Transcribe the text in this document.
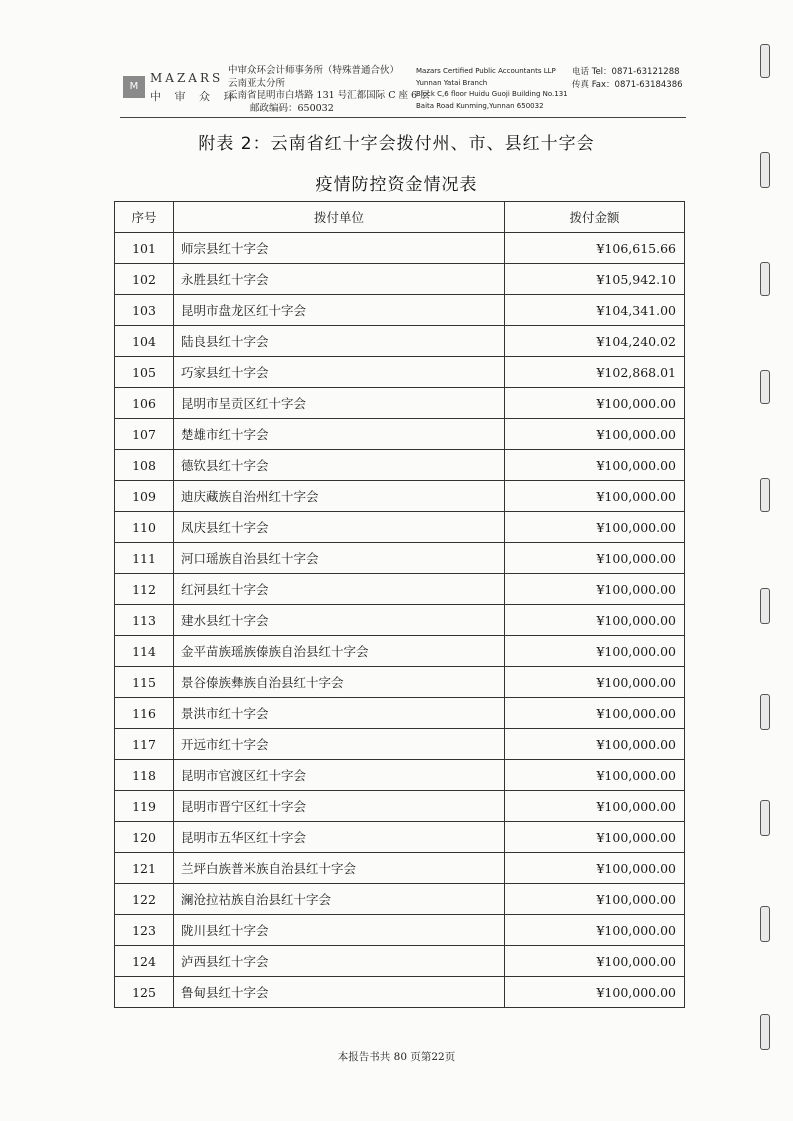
M
MAZARS
中 审 众 环
中审众环会计师事务所（特殊普通合伙）
云南亚太分所
云南省昆明市白塔路 131 号汇都国际 C 座 6 层
邮政编码：650032
Mazars Certified Public Accountants LLP
Yunnan Yatai Branch
Block C,6 floor Huidu Guoji Building No.131
Baita Road Kunming,Yunnan 650032
电话 Tel：0871-63121288
传真 Fax：0871-63184386
附表 2：云南省红十字会拨付州、市、县红十字会
疫情防控资金情况表
序号	拨付单位	拨付金额
101	师宗县红十字会	¥106,615.66
102	永胜县红十字会	¥105,942.10
103	昆明市盘龙区红十字会	¥104,341.00
104	陆良县红十字会	¥104,240.02
105	巧家县红十字会	¥102,868.01
106	昆明市呈贡区红十字会	¥100,000.00
107	楚雄市红十字会	¥100,000.00
108	德钦县红十字会	¥100,000.00
109	迪庆藏族自治州红十字会	¥100,000.00
110	凤庆县红十字会	¥100,000.00
111	河口瑶族自治县红十字会	¥100,000.00
112	红河县红十字会	¥100,000.00
113	建水县红十字会	¥100,000.00
114	金平苗族瑶族傣族自治县红十字会	¥100,000.00
115	景谷傣族彝族自治县红十字会	¥100,000.00
116	景洪市红十字会	¥100,000.00
117	开远市红十字会	¥100,000.00
118	昆明市官渡区红十字会	¥100,000.00
119	昆明市晋宁区红十字会	¥100,000.00
120	昆明市五华区红十字会	¥100,000.00
121	兰坪白族普米族自治县红十字会	¥100,000.00
122	澜沧拉祜族自治县红十字会	¥100,000.00
123	陇川县红十字会	¥100,000.00
124	泸西县红十字会	¥100,000.00
125	鲁甸县红十字会	¥100,000.00
本报告书共 80 页第22页
